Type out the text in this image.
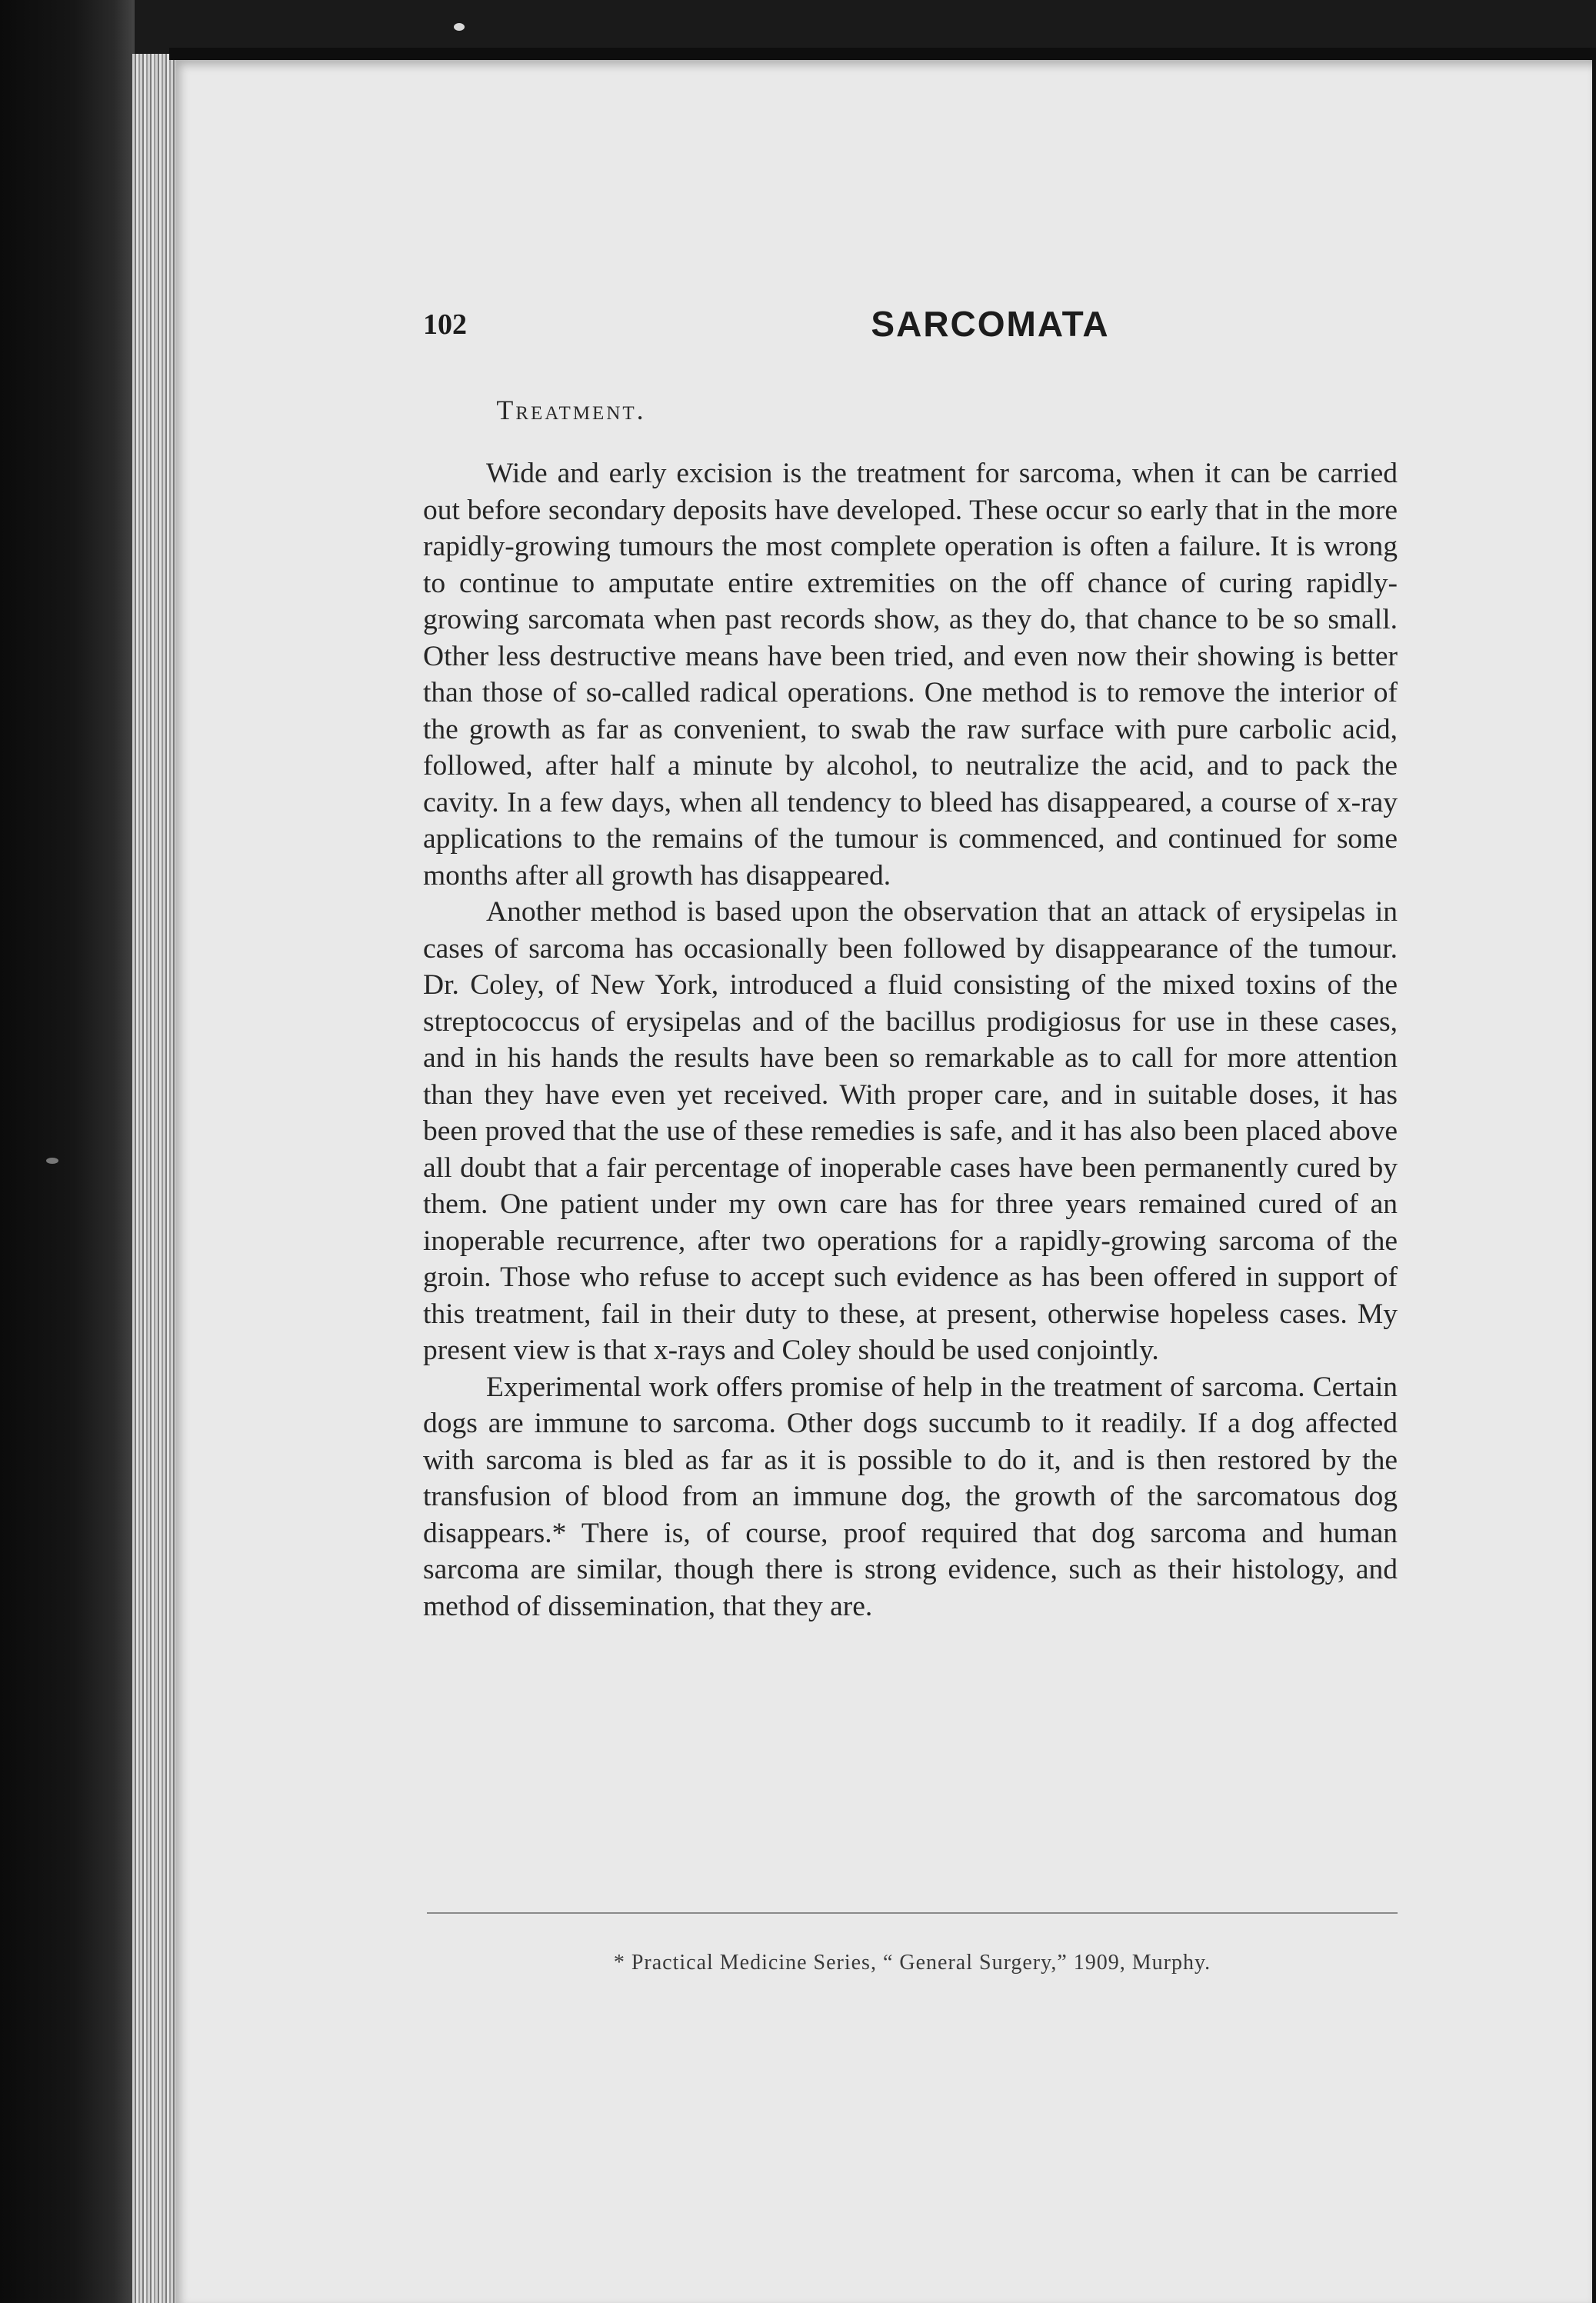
102	SARCOMATA
Treatment.

Wide and early excision is the treatment for sarcoma, when it can be carried out before secondary deposits have developed. These occur so early that in the more rapidly-growing tumours the most complete operation is often a failure. It is wrong to continue to amputate entire extremities on the off chance of curing rapidly-growing sarcomata when past records show, as they do, that chance to be so small. Other less destructive means have been tried, and even now their showing is better than those of so-called radical operations. One method is to remove the interior of the growth as far as convenient, to swab the raw surface with pure carbolic acid, followed, after half a minute by alcohol, to neutralize the acid, and to pack the cavity. In a few days, when all tendency to bleed has disappeared, a course of x-ray applications to the remains of the tumour is commenced, and continued for some months after all growth has disappeared.

Another method is based upon the observation that an attack of erysipelas in cases of sarcoma has occasionally been followed by disappearance of the tumour. Dr. Coley, of New York, introduced a fluid consisting of the mixed toxins of the streptococcus of erysipelas and of the bacillus prodigiosus for use in these cases, and in his hands the results have been so remarkable as to call for more attention than they have even yet received. With proper care, and in suitable doses, it has been proved that the use of these remedies is safe, and it has also been placed above all doubt that a fair percentage of inoperable cases have been permanently cured by them. One patient under my own care has for three years remained cured of an inoperable recurrence, after two operations for a rapidly-growing sarcoma of the groin. Those who refuse to accept such evidence as has been offered in support of this treatment, fail in their duty to these, at present, otherwise hopeless cases. My present view is that x-rays and Coley should be used conjointly.

Experimental work offers promise of help in the treatment of sarcoma. Certain dogs are immune to sarcoma. Other dogs succumb to it readily. If a dog affected with sarcoma is bled as far as it is possible to do it, and is then restored by the transfusion of blood from an immune dog, the growth of the sarcomatous dog disappears.* There is, of course, proof required that dog sarcoma and human sarcoma are similar, though there is strong evidence, such as their histology, and method of dissemination, that they are.

* Practical Medicine Series, “ General Surgery,” 1909, Murphy.
